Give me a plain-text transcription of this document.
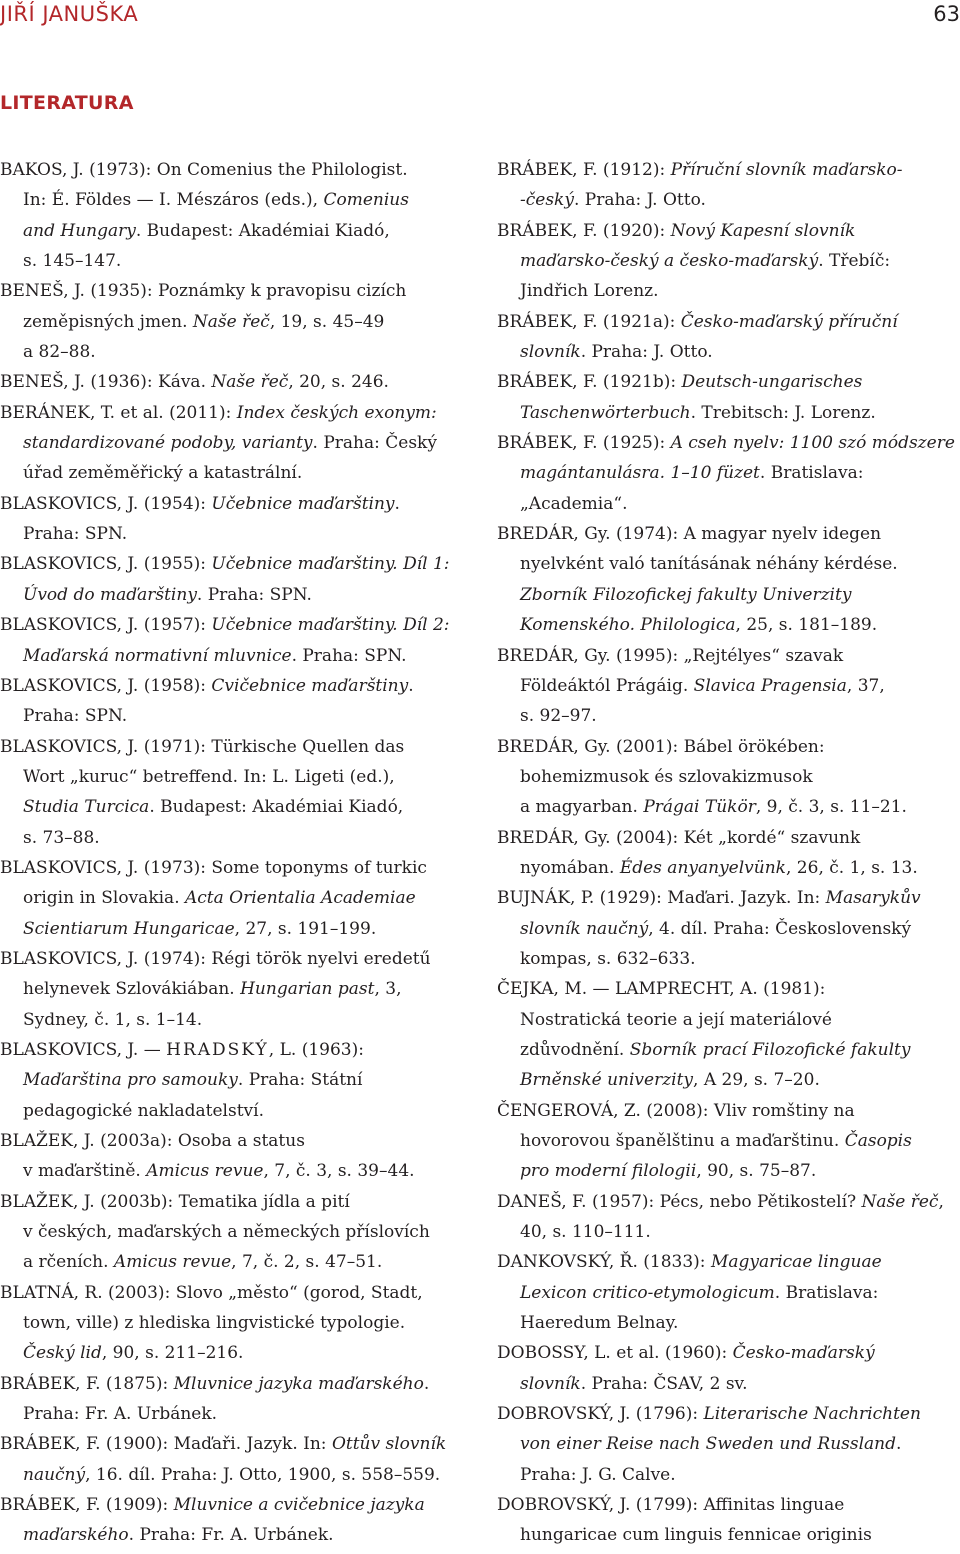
JIŘÍ JANUŠKA	63
LITERATURA
BAKOS, J. (1973): On Comenius the Philologist.
In: É. Földes — I. Mészáros (eds.), Comenius
and Hungary. Budapest: Akadémiai Kiadó,
s. 145–147.
BENEŠ, J. (1935): Poznámky k pravopisu cizích
zeměpisných jmen. Naše řeč, 19, s. 45–49
a 82–88.
BENEŠ, J. (1936): Káva. Naše řeč, 20, s. 246.
BERÁNEK, T. et al. (2011): Index českých exonym:
standardizované podoby, varianty. Praha: Český
úřad zeměměřický a katastrální.
BLASKOVICS, J. (1954): Učebnice maďarštiny.
Praha: SPN.
BLASKOVICS, J. (1955): Učebnice maďarštiny. Díl 1:
Úvod do maďarštiny. Praha: SPN.
BLASKOVICS, J. (1957): Učebnice maďarštiny. Díl 2:
Maďarská normativní mluvnice. Praha: SPN.
BLASKOVICS, J. (1958): Cvičebnice maďarštiny.
Praha: SPN.
BLASKOVICS, J. (1971): Türkische Quellen das
Wort „kuruc“ betreffend. In: L. Ligeti (ed.),
Studia Turcica. Budapest: Akadémiai Kiadó,
s. 73–88.
BLASKOVICS, J. (1973): Some toponyms of turkic
origin in Slovakia. Acta Orientalia Academiae
Scientiarum Hungaricae, 27, s. 191–199.
BLASKOVICS, J. (1974): Régi török nyelvi eredetű
helynevek Szlovákiában. Hungarian past, 3,
Sydney, č. 1, s. 1–14.
BLASKOVICS, J. — HRADSKÝ, L. (1963):
Maďarština pro samouky. Praha: Státní
pedagogické nakladatelství.
BLAŽEK, J. (2003a): Osoba a status
v maďarštině. Amicus revue, 7, č. 3, s. 39–44.
BLAŽEK, J. (2003b): Tematika jídla a pití
v českých, maďarských a německých příslovích
a rčeních. Amicus revue, 7, č. 2, s. 47–51.
BLATNÁ, R. (2003): Slovo „město“ (gorod, Stadt,
town, ville) z hlediska lingvistické typologie.
Český lid, 90, s. 211–216.
BRÁBEK, F. (1875): Mluvnice jazyka maďarského.
Praha: Fr. A. Urbánek.
BRÁBEK, F. (1900): Maďaři. Jazyk. In: Ottův slovník
naučný, 16. díl. Praha: J. Otto, 1900, s. 558–559.
BRÁBEK, F. (1909): Mluvnice a cvičebnice jazyka
maďarského. Praha: Fr. A. Urbánek.
BRÁBEK, F. (1912): Příruční slovník maďarsko-
-český. Praha: J. Otto.
BRÁBEK, F. (1920): Nový Kapesní slovník
maďarsko-český a česko-maďarský. Třebíč:
Jindřich Lorenz.
BRÁBEK, F. (1921a): Česko-maďarský příruční
slovník. Praha: J. Otto.
BRÁBEK, F. (1921b): Deutsch-ungarisches
Taschenwörterbuch. Trebitsch: J. Lorenz.
BRÁBEK, F. (1925): A cseh nyelv: 1100 szó módszere
magántanulásra. 1–10 füzet. Bratislava:
„Academia“.
BREDÁR, Gy. (1974): A magyar nyelv idegen
nyelvként való tanításának néhány kérdése.
Zborník Filozofickej fakulty Univerzity
Komenského. Philologica, 25, s. 181–189.
BREDÁR, Gy. (1995): „Rejtélyes“ szavak
Földeáktól Prágáig. Slavica Pragensia, 37,
s. 92–97.
BREDÁR, Gy. (2001): Bábel örökében:
bohemizmusok és szlovakizmusok
a magyarban. Prágai Tükör, 9, č. 3, s. 11–21.
BREDÁR, Gy. (2004): Két „kordé“ szavunk
nyomában. Édes anyanyelvünk, 26, č. 1, s. 13.
BUJNÁK, P. (1929): Maďari. Jazyk. In: Masarykův
slovník naučný, 4. díl. Praha: Československý
kompas, s. 632–633.
ČEJKA, M. — LAMPRECHT, A. (1981):
Nostratická teorie a její materiálové
zdůvodnění. Sborník prací Filozofické fakulty
Brněnské univerzity, A 29, s. 7–20.
ČENGEROVÁ, Z. (2008): Vliv romštiny na
hovorovou španělštinu a maďarštinu. Časopis
pro moderní filologii, 90, s. 75–87.
DANEŠ, F. (1957): Pécs, nebo Pětikostelí? Naše řeč,
40, s. 110–111.
DANKOVSKÝ, Ř. (1833): Magyaricae linguae
Lexicon critico-etymologicum. Bratislava:
Haeredum Belnay.
DOBOSSY, L. et al. (1960): Česko-maďarský
slovník. Praha: ČSAV, 2 sv.
DOBROVSKÝ, J. (1796): Literarische Nachrichten
von einer Reise nach Sweden und Russland.
Praha: J. G. Calve.
DOBROVSKÝ, J. (1799): Affinitas linguae
hungaricae cum linguis fennicae originis
